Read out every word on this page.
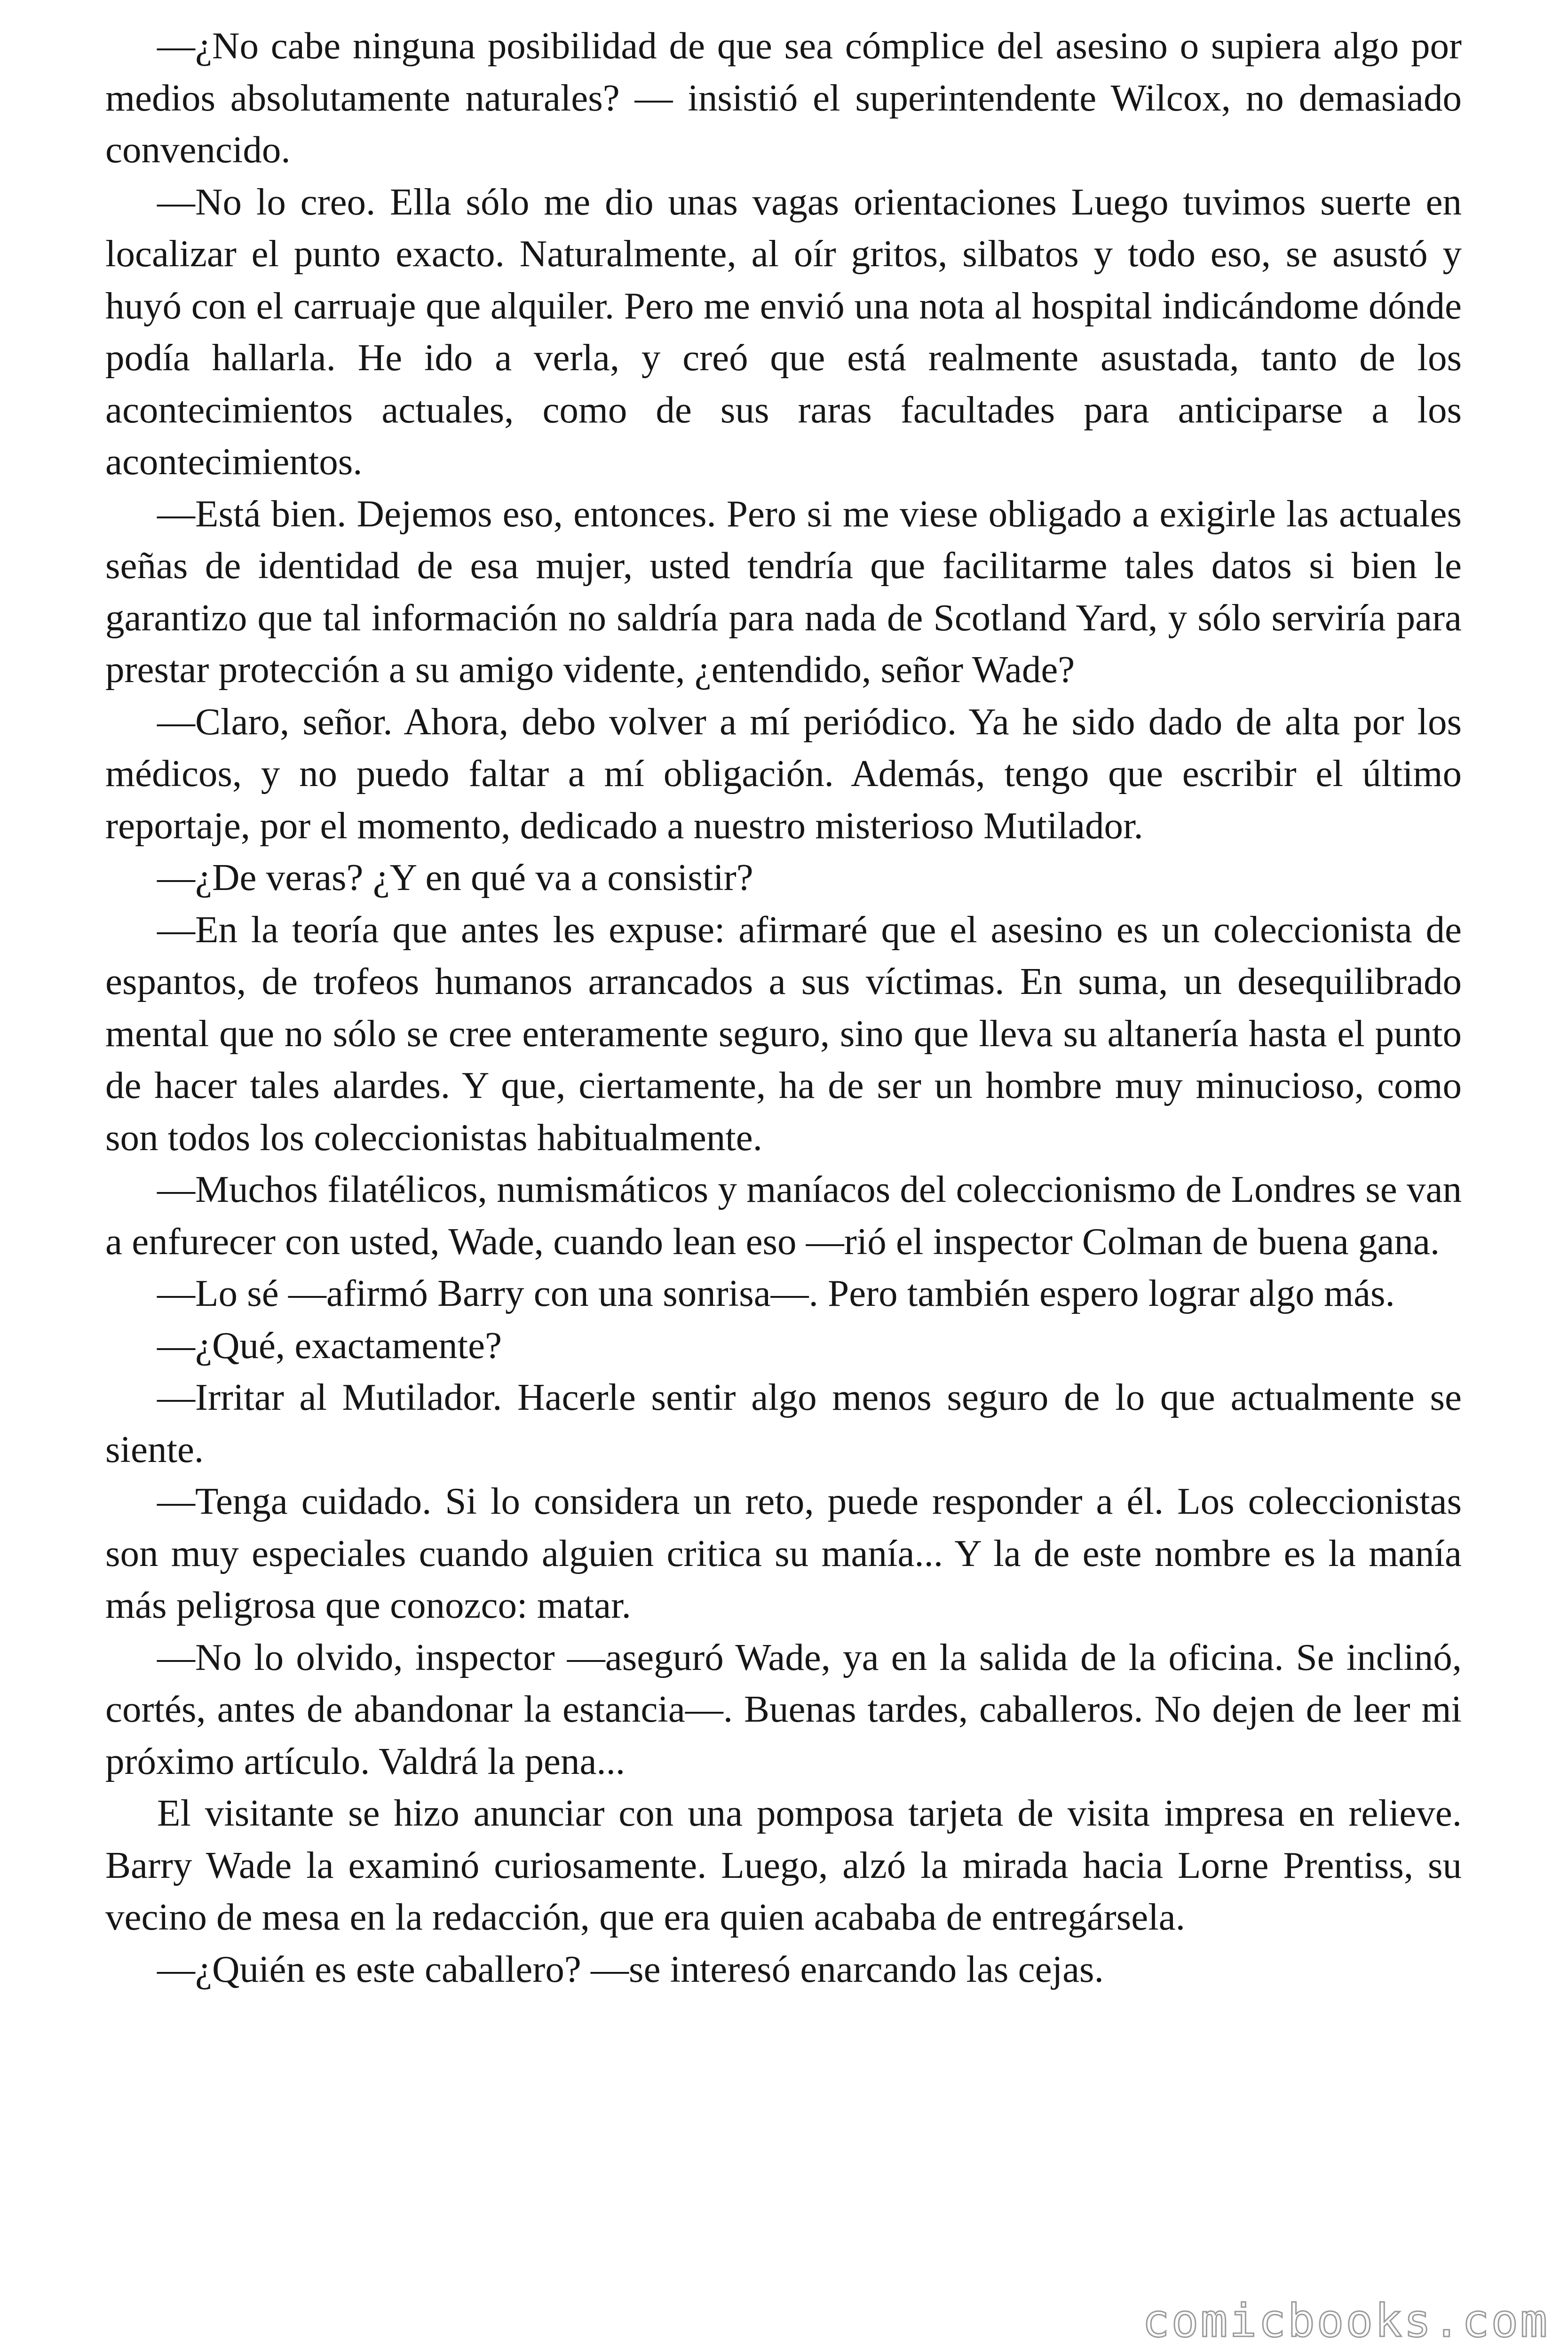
—¿No cabe ninguna posibilidad de que sea cómplice del asesino o supiera algo por medios absolutamente naturales? — insistió el superintendente Wilcox, no demasiado convencido.

—No lo creo. Ella sólo me dio unas vagas orientaciones Luego tuvimos suerte en localizar el punto exacto. Naturalmente, al oír gritos, silbatos y todo eso, se asustó y huyó con el carruaje que alquiler. Pero me envió una nota al hospital indicándome dónde podía hallarla. He ido a verla, y creó que está realmente asustada, tanto de los acontecimientos actuales, como de sus raras facultades para anticiparse a los acontecimientos.

—Está bien. Dejemos eso, entonces. Pero si me viese obligado a exigirle las actuales señas de identidad de esa mujer, usted tendría que facilitarme tales datos si bien le garantizo que tal información no saldría para nada de Scotland Yard, y sólo serviría para prestar protección a su amigo vidente, ¿entendido, señor Wade?

—Claro, señor. Ahora, debo volver a mí periódico. Ya he sido dado de alta por los médicos, y no puedo faltar a mí obligación. Además, tengo que escribir el último reportaje, por el momento, dedicado a nuestro misterioso Mutilador.

—¿De veras? ¿Y en qué va a consistir?

—En la teoría que antes les expuse: afirmaré que el asesino es un coleccionista de espantos, de trofeos humanos arrancados a sus víctimas. En suma, un desequilibrado mental que no sólo se cree enteramente seguro, sino que lleva su altanería hasta el punto de hacer tales alardes. Y que, ciertamente, ha de ser un hombre muy minucioso, como son todos los coleccionistas habitualmente.

—Muchos filatélicos, numismáticos y maníacos del coleccionismo de Londres se van a enfurecer con usted, Wade, cuando lean eso —rió el inspector Colman de buena gana.

—Lo sé —afirmó Barry con una sonrisa—. Pero también espero lograr algo más.

—¿Qué, exactamente?

—Irritar al Mutilador. Hacerle sentir algo menos seguro de lo que actualmente se siente.

—Tenga cuidado. Si lo considera un reto, puede responder a él. Los coleccionistas son muy especiales cuando alguien critica su manía... Y la de este nombre es la manía más peligrosa que conozco: matar.

—No lo olvido, inspector —aseguró Wade, ya en la salida de la oficina. Se inclinó, cortés, antes de abandonar la estancia—. Buenas tardes, caballeros. No dejen de leer mi próximo artículo. Valdrá la pena...

El visitante se hizo anunciar con una pomposa tarjeta de visita impresa en relieve. Barry Wade la examinó curiosamente. Luego, alzó la mirada hacia Lorne Prentiss, su vecino de mesa en la redacción, que era quien acababa de entregársela.

—¿Quién es este caballero? —se interesó enarcando las cejas.

comicbooks.com
